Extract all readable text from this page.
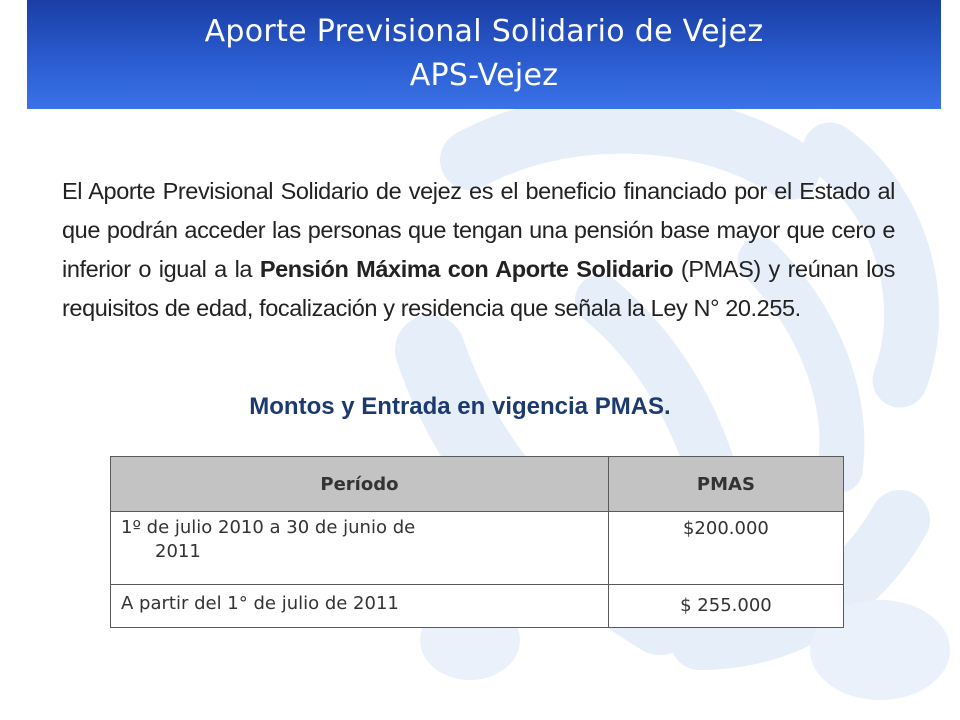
Aporte Previsional Solidario de Vejez
APS-Vejez
El Aporte Previsional Solidario de vejez es el beneficio financiado por el Estado al que podrán acceder las personas que tengan una pensión base mayor que cero e inferior o igual a la Pensión Máxima con Aporte Solidario (PMAS) y reúnan los requisitos de edad, focalización y residencia que señala la Ley N° 20.255.
Montos y Entrada en vigencia PMAS.
Período	PMAS

1º de julio 2010 a 30 de junio de
2011	$200.000
A partir del 1° de julio de 2011	$ 255.000
